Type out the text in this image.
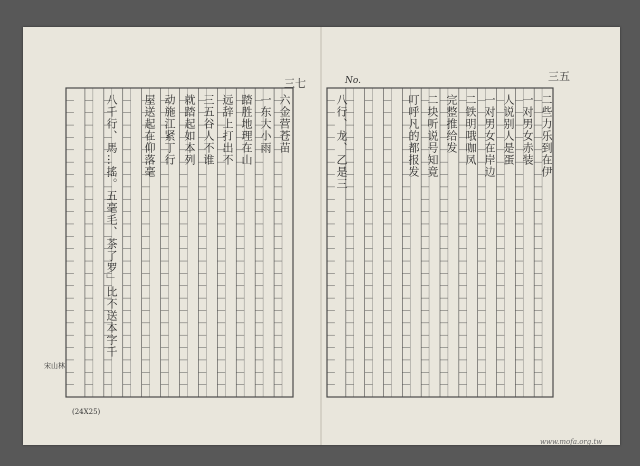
三七
三五
No.
(24X25)
宋山林
www.mofa.org.tw
八千行、馬…搖。五毫毛、茶了罗」比不送本字千 屋送起在仰落毫 动施江紧丁行 就踏起如本列 三五谷人不谁 远辞上打出不 踏胜地理在山 一东大小雨 六金营苍苗	八行、龙、乙是三	叮呼凡的都报发 二块听说号知竟 完整推给发 二铁明哦咖凤 一对男女在岸边 人说别人是蛋 一对男女赤装 二些力乐到在伊
